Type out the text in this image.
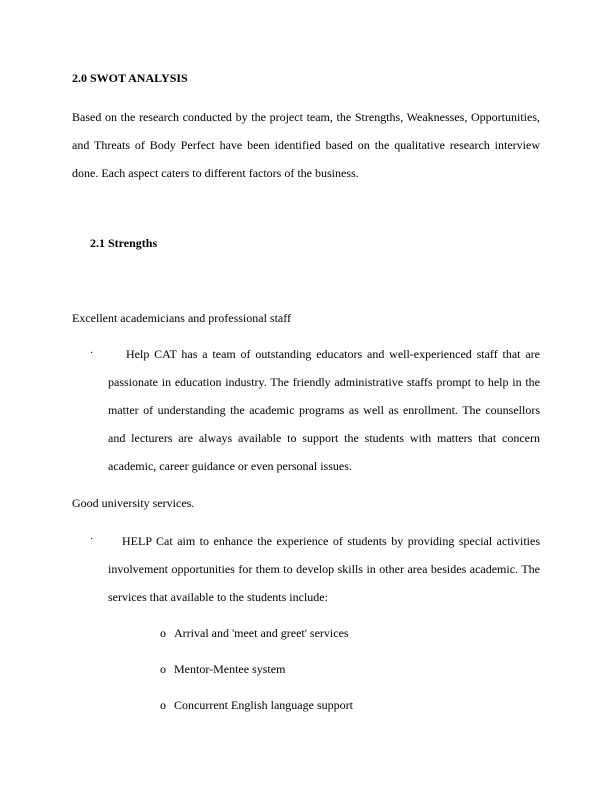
2.0 SWOT ANALYSIS

Based on the research conducted by the project team, the Strengths, Weaknesses, Opportunities, and Threats of Body Perfect have been identified based on the qualitative research interview done. Each aspect caters to different factors of the business.

2.1 Strengths

Excellent academicians and professional staff

·	Help CAT has a team of outstanding educators and well-experienced staff that are passionate in education industry. The friendly administrative staffs prompt to help in the matter of understanding the academic programs as well as enrollment. The counsellors and lecturers are always available to support the students with matters that concern academic, career guidance or even personal issues.

Good university services.

·	HELP Cat aim to enhance the experience of students by providing special activities involvement opportunities for them to develop skills in other area besides academic. The services that available to the students include:

o Arrival and 'meet and greet' services
o Mentor-Mentee system
o Concurrent English language support
